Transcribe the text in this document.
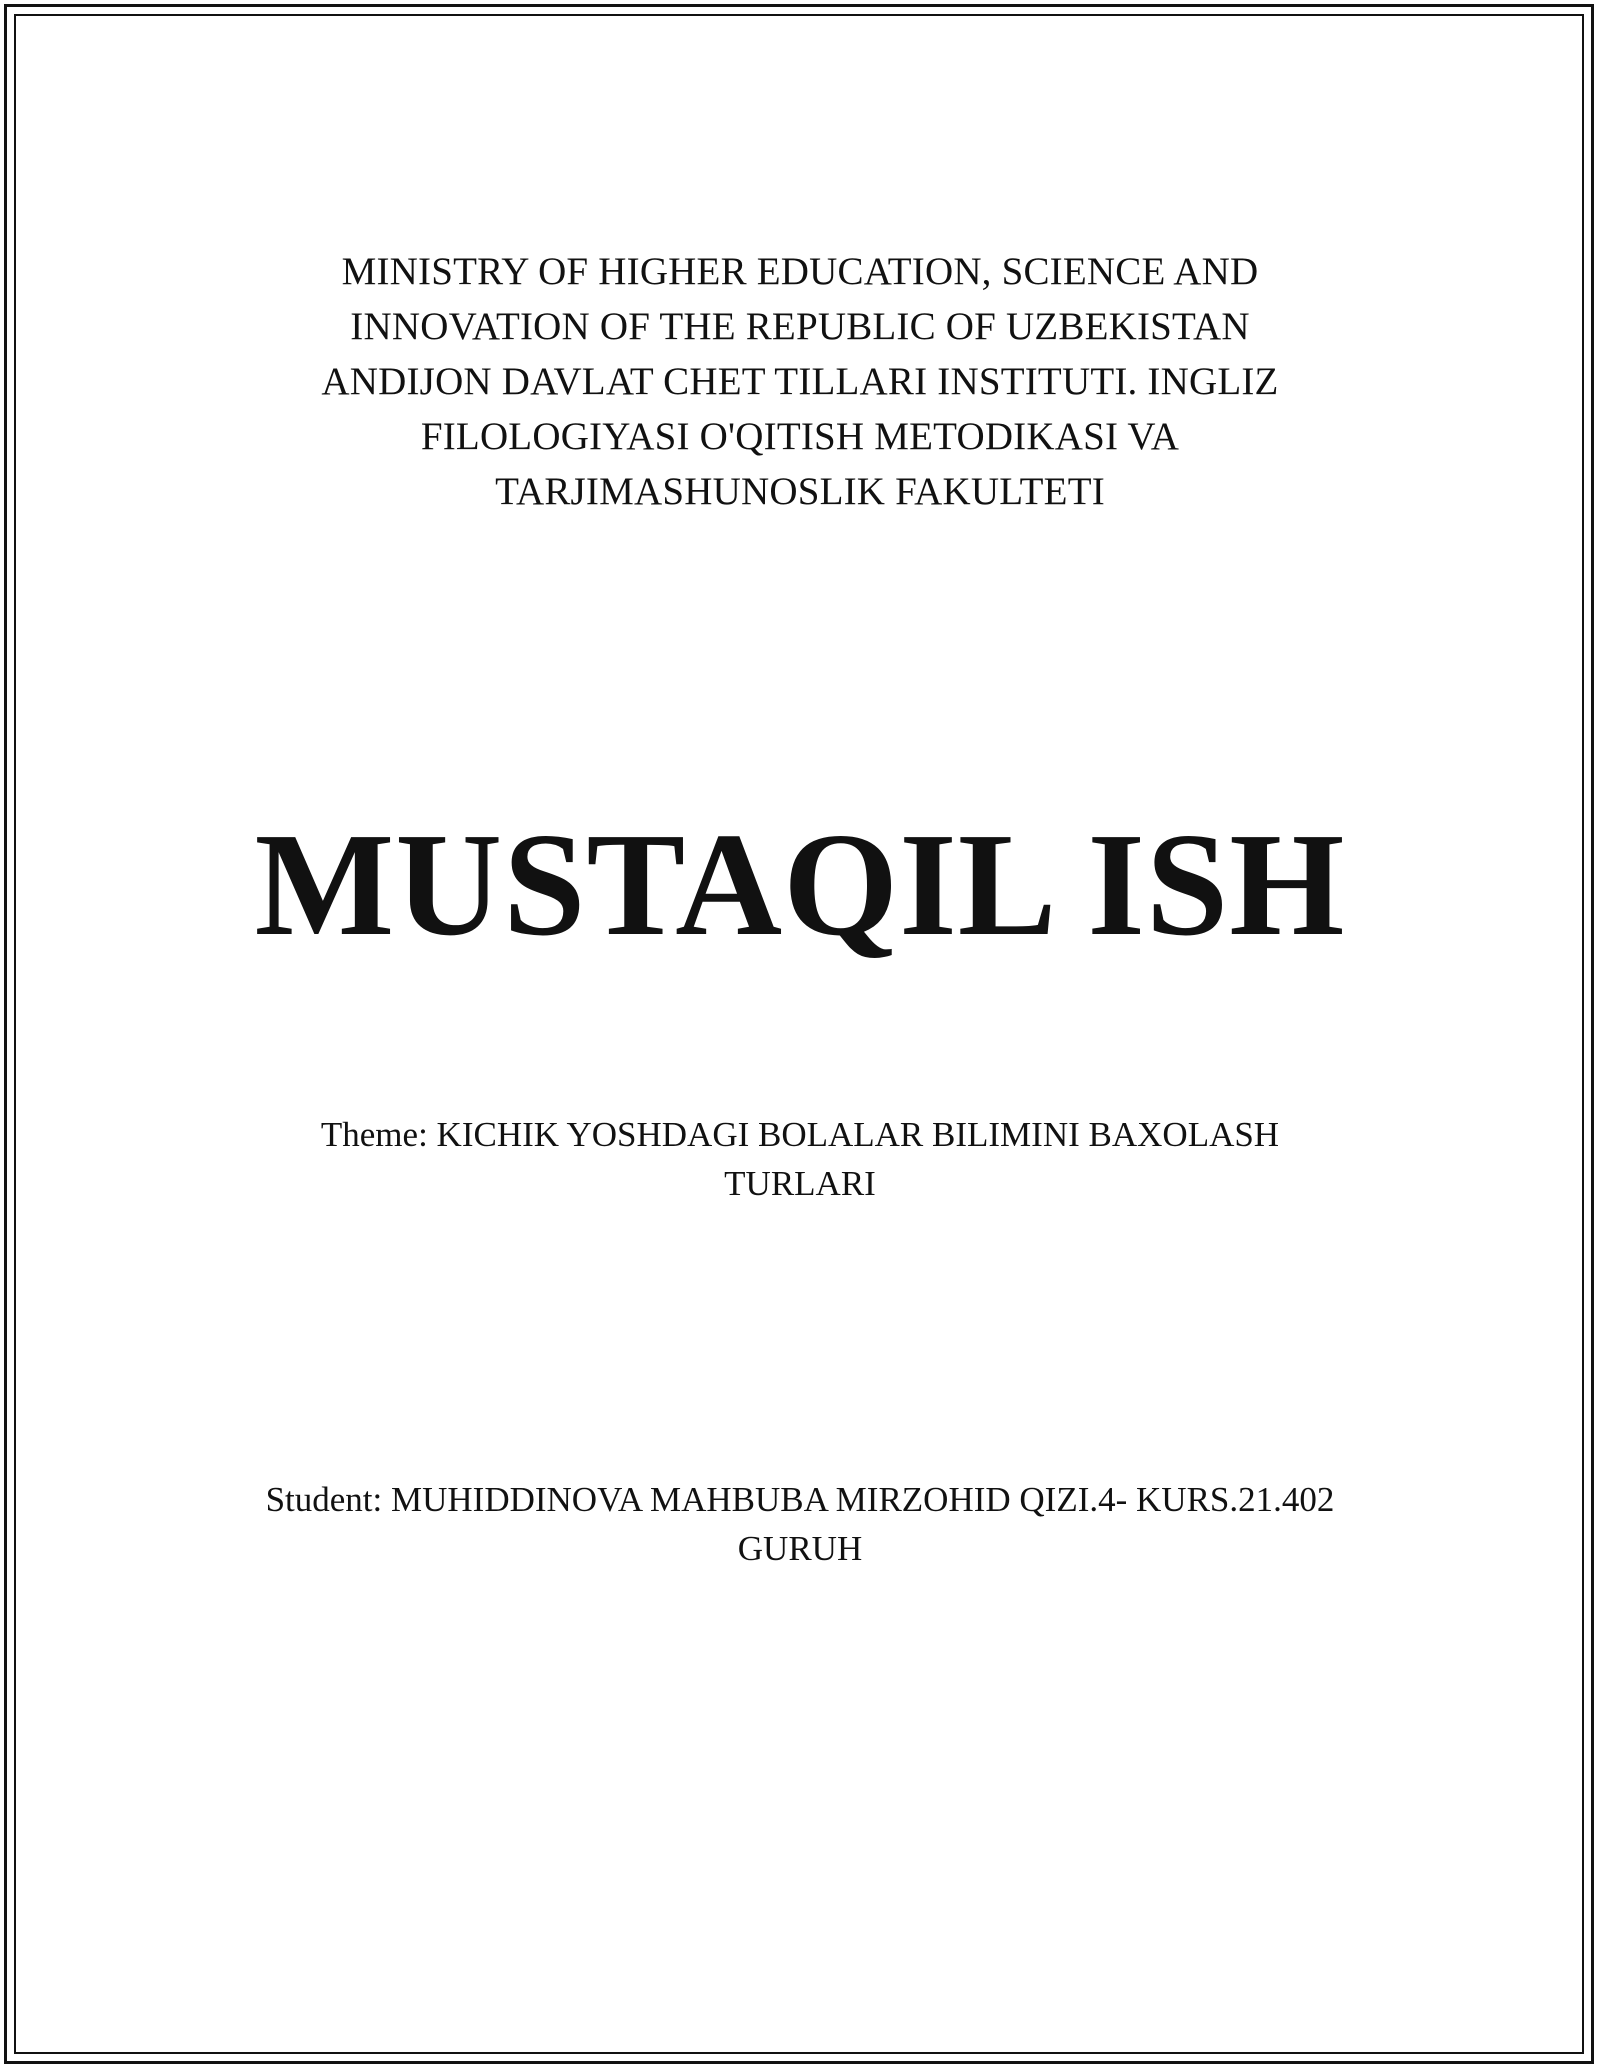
MINISTRY OF HIGHER EDUCATION, SCIENCE AND
INNOVATION OF THE REPUBLIC OF UZBEKISTAN
ANDIJON DAVLAT CHET TILLARI INSTITUTI. INGLIZ
FILOLOGIYASI O'QITISH METODIKASI VA
TARJIMASHUNOSLIK FAKULTETI
MUSTAQIL ISH
Theme: KICHIK YOSHDAGI BOLALAR BILIMINI BAXOLASH
TURLARI
Student: MUHIDDINOVA MAHBUBA MIRZOHID QIZI.4- KURS.21.402
GURUH
